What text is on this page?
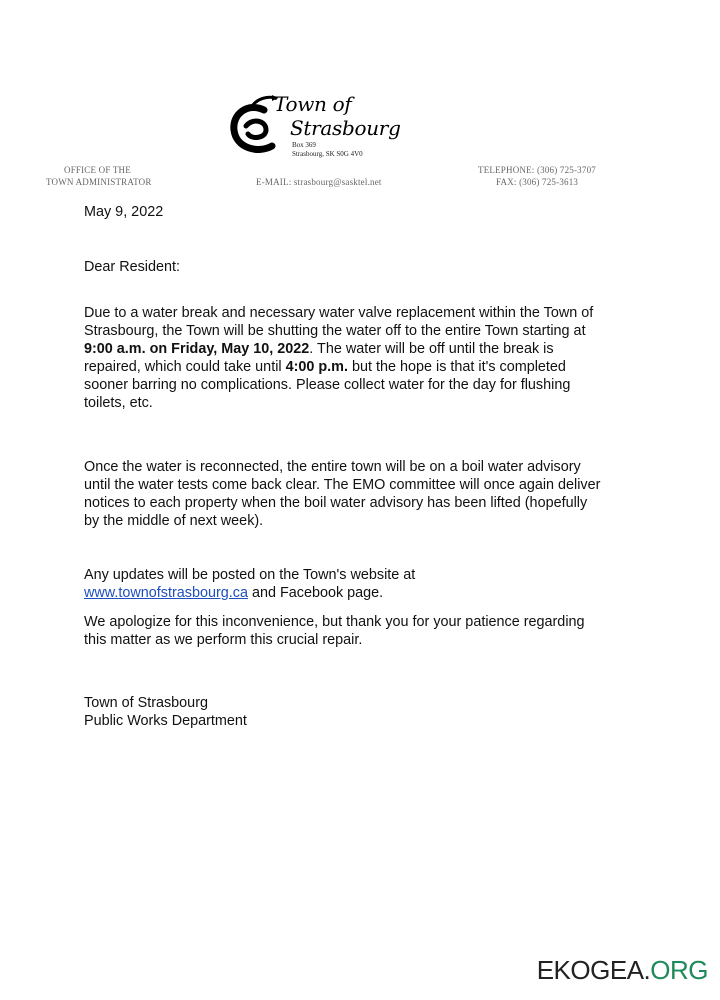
Town of
Strasbourg
Box 369
Strasbourg, SK S0G 4V0
OFFICE OF THE
TOWN ADMINISTRATOR	E-MAIL: strasbourg@sasktel.net
TELEPHONE: (306) 725-3707
FAX: (306) 725-3613
May 9, 2022
Dear Resident:

Due to a water break and necessary water valve replacement within the Town of Strasbourg, the Town will be shutting the water off to the entire Town starting at 9:00 a.m. on Friday, May 10, 2022. The water will be off until the break is repaired, which could take until 4:00 p.m. but the hope is that it's completed sooner barring no complications. Please collect water for the day for flushing toilets, etc.

Once the water is reconnected, the entire town will be on a boil water advisory until the water tests come back clear. The EMO committee will once again deliver notices to each property when the boil water advisory has been lifted (hopefully by the middle of next week).

Any updates will be posted on the Town's website at
www.townofstrasbourg.ca and Facebook page.

We apologize for this inconvenience, but thank you for your patience regarding this matter as we perform this crucial repair.

Town of Strasbourg
Public Works Department
EKOGEA.ORG
